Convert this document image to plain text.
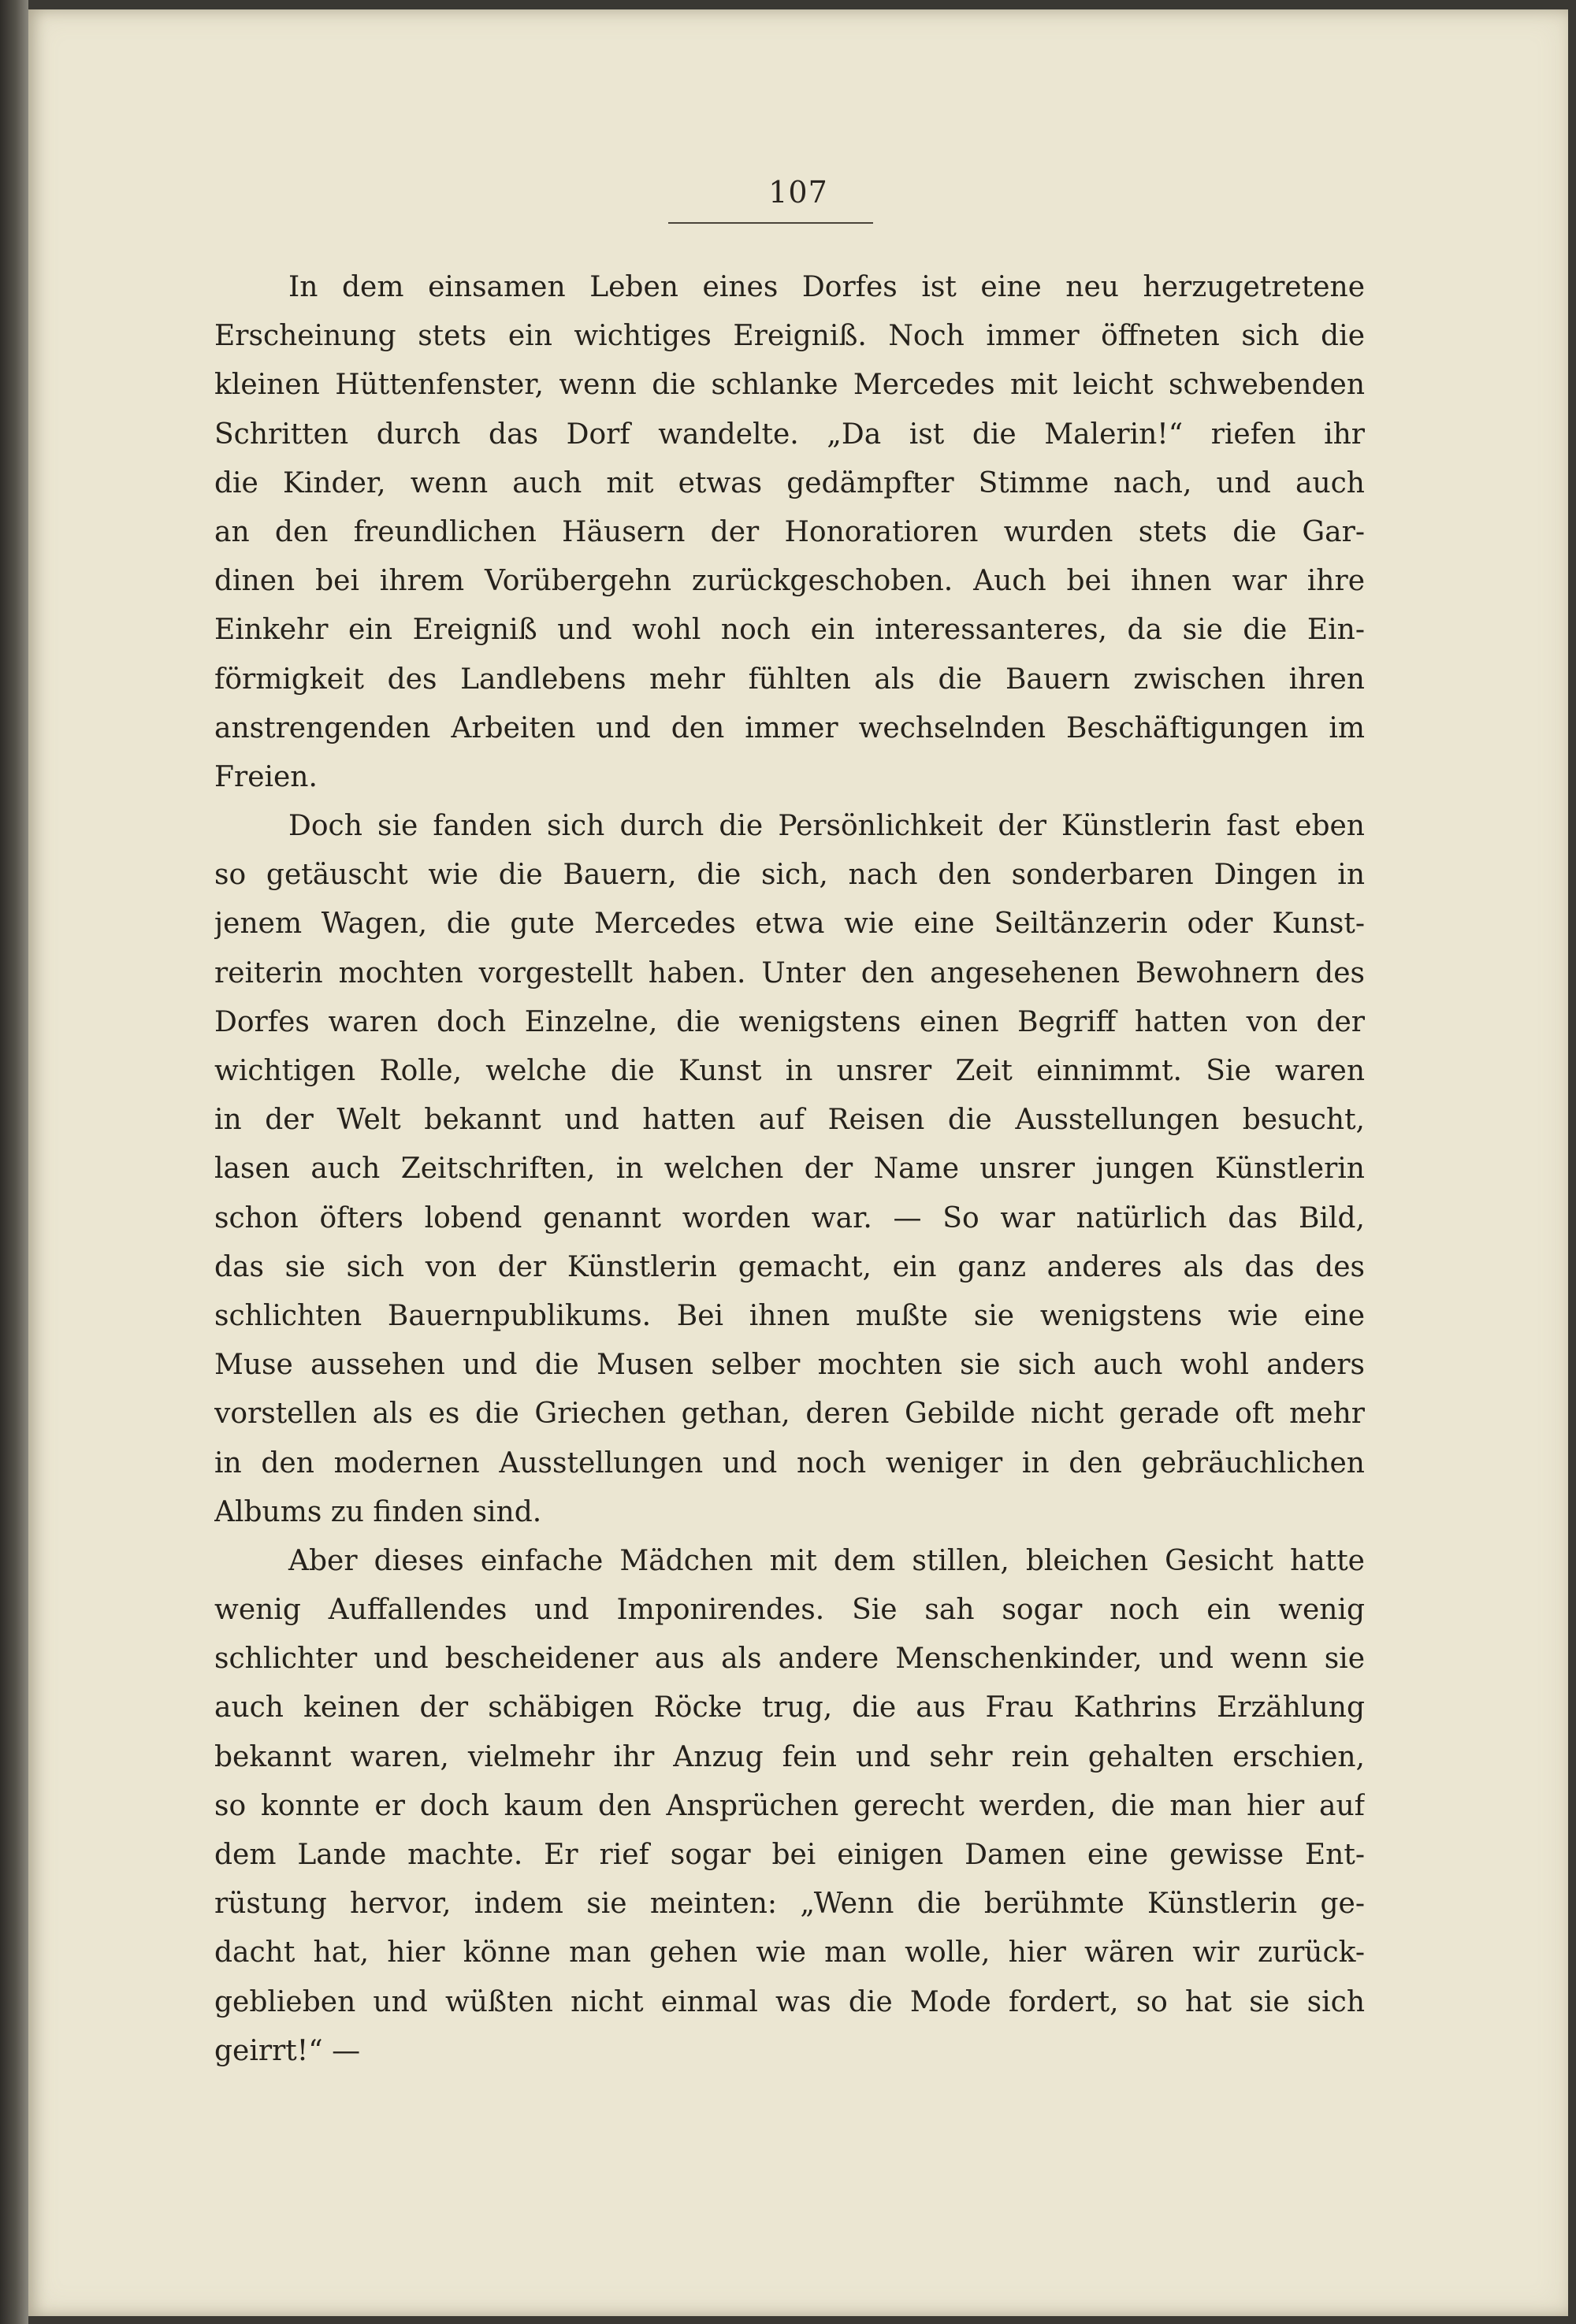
107
In dem einsamen Leben eines Dorfes ist eine neu herzugetretene
Erscheinung stets ein wichtiges Ereigniß. Noch immer öffneten sich die
kleinen Hüttenfenster, wenn die schlanke Mercedes mit leicht schwebenden
Schritten durch das Dorf wandelte. „Da ist die Malerin!“ riefen ihr
die Kinder, wenn auch mit etwas gedämpfter Stimme nach, und auch
an den freundlichen Häusern der Honoratioren wurden stets die Gar-
dinen bei ihrem Vorübergehn zurückgeschoben. Auch bei ihnen war ihre
Einkehr ein Ereigniß und wohl noch ein interessanteres, da sie die Ein-
förmigkeit des Landlebens mehr fühlten als die Bauern zwischen ihren
anstrengenden Arbeiten und den immer wechselnden Beschäftigungen im
Freien.
Doch sie fanden sich durch die Persönlichkeit der Künstlerin fast eben
so getäuscht wie die Bauern, die sich, nach den sonderbaren Dingen in
jenem Wagen, die gute Mercedes etwa wie eine Seiltänzerin oder Kunst-
reiterin mochten vorgestellt haben. Unter den angesehenen Bewohnern des
Dorfes waren doch Einzelne, die wenigstens einen Begriff hatten von der
wichtigen Rolle, welche die Kunst in unsrer Zeit einnimmt. Sie waren
in der Welt bekannt und hatten auf Reisen die Ausstellungen besucht,
lasen auch Zeitschriften, in welchen der Name unsrer jungen Künstlerin
schon öfters lobend genannt worden war. — So war natürlich das Bild,
das sie sich von der Künstlerin gemacht, ein ganz anderes als das des
schlichten Bauernpublikums. Bei ihnen mußte sie wenigstens wie eine
Muse aussehen und die Musen selber mochten sie sich auch wohl anders
vorstellen als es die Griechen gethan, deren Gebilde nicht gerade oft mehr
in den modernen Ausstellungen und noch weniger in den gebräuchlichen
Albums zu finden sind.
Aber dieses einfache Mädchen mit dem stillen, bleichen Gesicht hatte
wenig Auffallendes und Imponirendes. Sie sah sogar noch ein wenig
schlichter und bescheidener aus als andere Menschenkinder, und wenn sie
auch keinen der schäbigen Röcke trug, die aus Frau Kathrins Erzählung
bekannt waren, vielmehr ihr Anzug fein und sehr rein gehalten erschien,
so konnte er doch kaum den Ansprüchen gerecht werden, die man hier auf
dem Lande machte. Er rief sogar bei einigen Damen eine gewisse Ent-
rüstung hervor, indem sie meinten: „Wenn die berühmte Künstlerin ge-
dacht hat, hier könne man gehen wie man wolle, hier wären wir zurück-
geblieben und wüßten nicht einmal was die Mode fordert, so hat sie sich
geirrt!“ —
